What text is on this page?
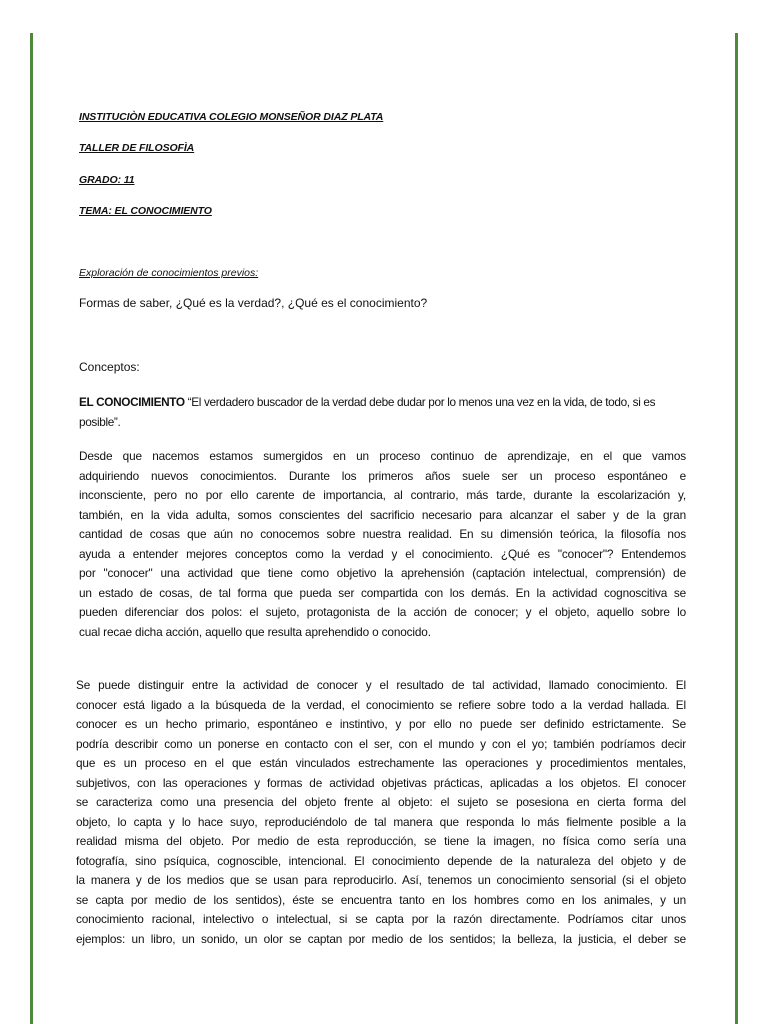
INSTITUCIÒN EDUCATIVA COLEGIO MONSEÑOR DIAZ PLATA
TALLER DE FILOSOFÌA
GRADO: 11
TEMA: EL CONOCIMIENTO
Exploración de conocimientos previos:
Formas de saber, ¿Qué es la verdad?, ¿Qué es el conocimiento?
Conceptos:
EL CONOCIMIENTO “El verdadero buscador de la verdad debe dudar por lo menos una vez en la vida, de todo, si es posible”.
Desde que nacemos estamos sumergidos en un proceso continuo de aprendizaje, en el que vamos
adquiriendo nuevos conocimientos. Durante los primeros años suele ser un proceso espontáneo e
inconsciente, pero no por ello carente de importancia, al contrario, más tarde, durante la escolarización y,
también, en la vida adulta, somos conscientes del sacrificio necesario para alcanzar el saber y de la gran
cantidad de cosas que aún no conocemos sobre nuestra realidad. En su dimensión teórica, la filosofía nos
ayuda a entender mejores conceptos como la verdad y el conocimiento. ¿Qué es "conocer"? Entendemos
por "conocer" una actividad que tiene como objetivo la aprehensión (captación intelectual, comprensión) de
un estado de cosas, de tal forma que pueda ser compartida con los demás. En la actividad cognoscitiva se
pueden diferenciar dos polos: el sujeto, protagonista de la acción de conocer; y el objeto, aquello sobre lo
cual recae dicha acción, aquello que resulta aprehendido o conocido.
Se puede distinguir entre la actividad de conocer y el resultado de tal actividad, llamado conocimiento. El
conocer está ligado a la búsqueda de la verdad, el conocimiento se refiere sobre todo a la verdad hallada. El
conocer es un hecho primario, espontáneo e instintivo, y por ello no puede ser definido estrictamente. Se
podría describir como un ponerse en contacto con el ser, con el mundo y con el yo; también podríamos decir
que es un proceso en el que están vinculados estrechamente las operaciones y procedimientos mentales,
subjetivos, con las operaciones y formas de actividad objetivas prácticas, aplicadas a los objetos. El conocer
se caracteriza como una presencia del objeto frente al objeto: el sujeto se posesiona en cierta forma del
objeto, lo capta y lo hace suyo, reproduciéndolo de tal manera que responda lo más fielmente posible a la
realidad misma del objeto. Por medio de esta reproducción, se tiene la imagen, no física como sería una
fotografía, sino psíquica, cognoscible, intencional. El conocimiento depende de la naturaleza del objeto y de
la manera y de los medios que se usan para reproducirlo. Así, tenemos un conocimiento sensorial (si el objeto
se capta por medio de los sentidos), éste se encuentra tanto en los hombres como en los animales, y un
conocimiento racional, intelectivo o intelectual, si se capta por la razón directamente. Podríamos citar unos
ejemplos: un libro, un sonido, un olor se captan por medio de los sentidos; la belleza, la justicia, el deber se
